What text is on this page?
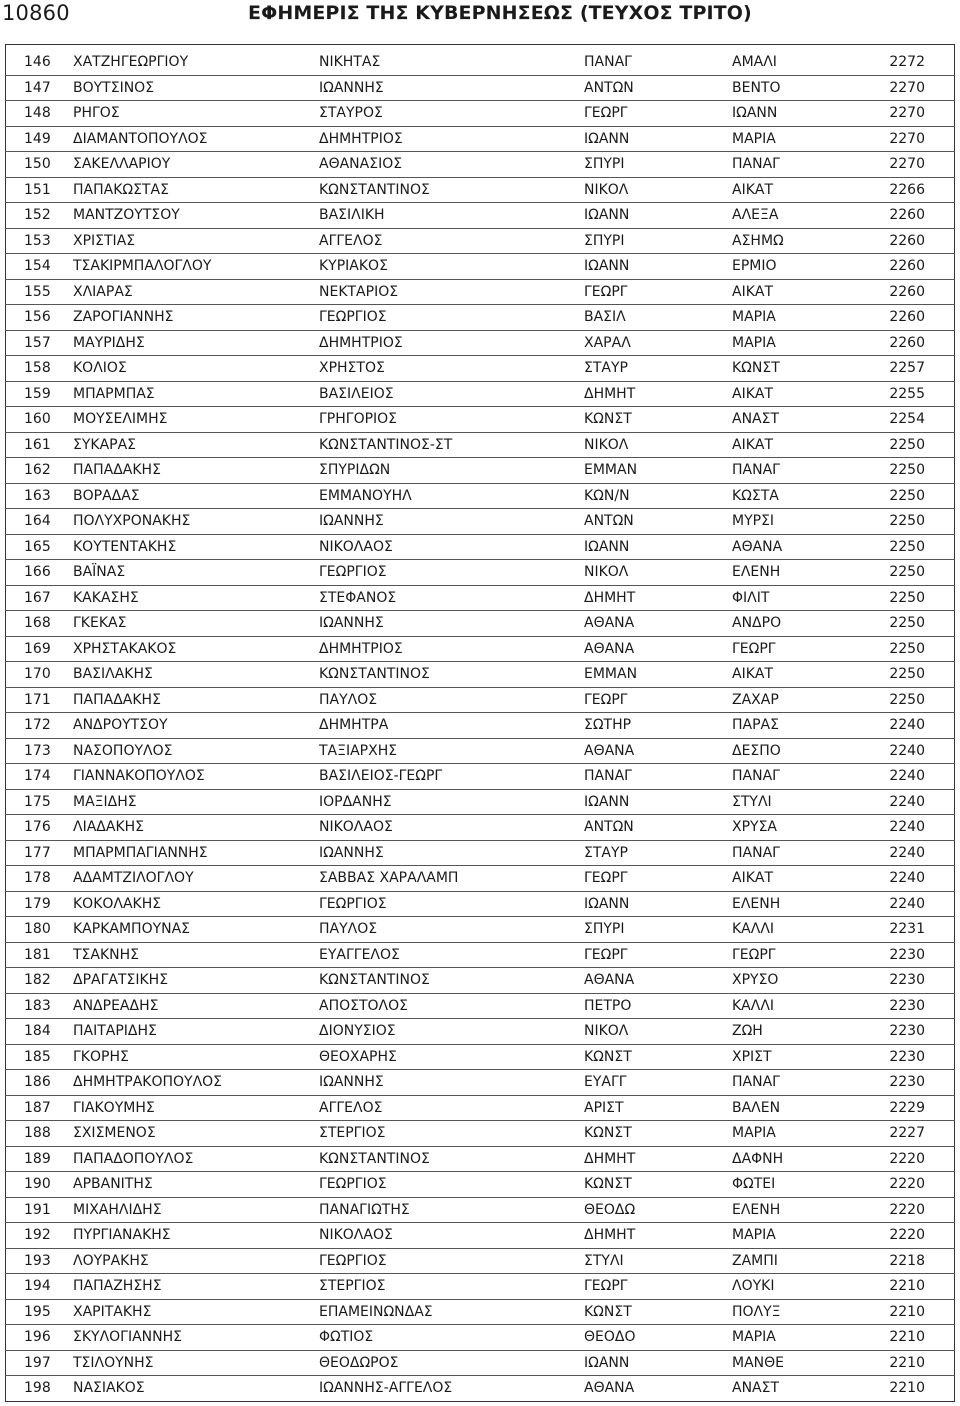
10860	ΕΦΗΜΕΡΙΣ ΤΗΣ ΚΥΒΕΡΝΗΣΕΩΣ (ΤΕΥΧΟΣ ΤΡΙΤΟ)
146 ΧΑΤΖΗΓΕΩΡΓΙΟΥ	ΝΙΚΗΤΑΣ	ΠΑΝΑΓ	ΑΜΑΛΙ	2272
147 ΒΟΥΤΣΙΝΟΣ	ΙΩΑΝΝΗΣ	ΑΝΤΩΝ	ΒΕΝΤΟ	2270
148 ΡΗΓΟΣ	ΣΤΑΥΡΟΣ	ΓΕΩΡΓ	ΙΩΑΝΝ	2270
149 ΔΙΑΜΑΝΤΟΠΟΥΛΟΣ	ΔΗΜΗΤΡΙΟΣ	ΙΩΑΝΝ	ΜΑΡΙΑ	2270
150 ΣΑΚΕΛΛΑΡΙΟΥ	ΑΘΑΝΑΣΙΟΣ	ΣΠΥΡΙ	ΠΑΝΑΓ	2270
151 ΠΑΠΑΚΩΣΤΑΣ	ΚΩΝΣΤΑΝΤΙΝΟΣ	ΝΙΚΟΛ	ΑΙΚΑΤ	2266
152 ΜΑΝΤΖΟΥΤΣΟΥ	ΒΑΣΙΛΙΚΗ	ΙΩΑΝΝ	ΑΛΕΞΑ	2260
153 ΧΡΙΣΤΙΑΣ	ΑΓΓΕΛΟΣ	ΣΠΥΡΙ	ΑΣΗΜΩ	2260
154 ΤΣΑΚΙΡΜΠΑΛΟΓΛΟΥ	ΚΥΡΙΑΚΟΣ	ΙΩΑΝΝ	ΕΡΜΙΟ	2260
155 ΧΛΙΑΡΑΣ	ΝΕΚΤΑΡΙΟΣ	ΓΕΩΡΓ	ΑΙΚΑΤ	2260
156 ΖΑΡΟΓΙΑΝΝΗΣ	ΓΕΩΡΓΙΟΣ	ΒΑΣΙΛ	ΜΑΡΙΑ	2260
157 ΜΑΥΡΙΔΗΣ	ΔΗΜΗΤΡΙΟΣ	ΧΑΡΑΛ	ΜΑΡΙΑ	2260
158 ΚΟΛΙΟΣ	ΧΡΗΣΤΟΣ	ΣΤΑΥΡ	ΚΩΝΣΤ	2257
159 ΜΠΑΡΜΠΑΣ	ΒΑΣΙΛΕΙΟΣ	ΔΗΜΗΤ	ΑΙΚΑΤ	2255
160 ΜΟΥΣΕΛΙΜΗΣ	ΓΡΗΓΟΡΙΟΣ	ΚΩΝΣΤ	ΑΝΑΣΤ	2254
161 ΣΥΚΑΡΑΣ	ΚΩΝΣΤΑΝΤΙΝΟΣ-ΣΤ	ΝΙΚΟΛ	ΑΙΚΑΤ	2250
162 ΠΑΠΑΔΑΚΗΣ	ΣΠΥΡΙΔΩΝ	ΕΜΜΑΝ	ΠΑΝΑΓ	2250
163 ΒΟΡΑΔΑΣ	ΕΜΜΑΝΟΥΗΛ	ΚΩΝ/Ν	ΚΩΣΤΑ	2250
164 ΠΟΛΥΧΡΟΝΑΚΗΣ	ΙΩΑΝΝΗΣ	ΑΝΤΩΝ	ΜΥΡΣΙ	2250
165 ΚΟΥΤΕΝΤΑΚΗΣ	ΝΙΚΟΛΑΟΣ	ΙΩΑΝΝ	ΑΘΑΝΑ	2250
166 ΒΑΪΝΑΣ	ΓΕΩΡΓΙΟΣ	ΝΙΚΟΛ	ΕΛΕΝΗ	2250
167 ΚΑΚΑΣΗΣ	ΣΤΕΦΑΝΟΣ	ΔΗΜΗΤ	ΦΙΛΙΤ	2250
168 ΓΚΕΚΑΣ	ΙΩΑΝΝΗΣ	ΑΘΑΝΑ	ΑΝΔΡΟ	2250
169 ΧΡΗΣΤΑΚΑΚΟΣ	ΔΗΜΗΤΡΙΟΣ	ΑΘΑΝΑ	ΓΕΩΡΓ	2250
170 ΒΑΣΙΛΑΚΗΣ	ΚΩΝΣΤΑΝΤΙΝΟΣ	ΕΜΜΑΝ	ΑΙΚΑΤ	2250
171 ΠΑΠΑΔΑΚΗΣ	ΠΑΥΛΟΣ	ΓΕΩΡΓ	ΖΑΧΑΡ	2250
172 ΑΝΔΡΟΥΤΣΟΥ	ΔΗΜΗΤΡΑ	ΣΩΤΗΡ	ΠΑΡΑΣ	2240
173 ΝΑΣΟΠΟΥΛΟΣ	ΤΑΞΙΑΡΧΗΣ	ΑΘΑΝΑ	ΔΕΣΠΟ	2240
174 ΓΙΑΝΝΑΚΟΠΟΥΛΟΣ	ΒΑΣΙΛΕΙΟΣ-ΓΕΩΡΓ	ΠΑΝΑΓ	ΠΑΝΑΓ	2240
175 ΜΑΞΙΔΗΣ	ΙΟΡΔΑΝΗΣ	ΙΩΑΝΝ	ΣΤΥΛΙ	2240
176 ΛΙΑΔΑΚΗΣ	ΝΙΚΟΛΑΟΣ	ΑΝΤΩΝ	ΧΡΥΣΑ	2240
177 ΜΠΑΡΜΠΑΓΙΑΝΝΗΣ	ΙΩΑΝΝΗΣ	ΣΤΑΥΡ	ΠΑΝΑΓ	2240
178 ΑΔΑΜΤΖΙΛΟΓΛΟΥ	ΣΑΒΒΑΣ ΧΑΡΑΛΑΜΠ	ΓΕΩΡΓ	ΑΙΚΑΤ	2240
179 ΚΟΚΟΛΑΚΗΣ	ΓΕΩΡΓΙΟΣ	ΙΩΑΝΝ	ΕΛΕΝΗ	2240
180 ΚΑΡΚΑΜΠΟΥΝΑΣ	ΠΑΥΛΟΣ	ΣΠΥΡΙ	ΚΑΛΛΙ	2231
181 ΤΣΑΚΝΗΣ	ΕΥΑΓΓΕΛΟΣ	ΓΕΩΡΓ	ΓΕΩΡΓ	2230
182 ΔΡΑΓΑΤΣΙΚΗΣ	ΚΩΝΣΤΑΝΤΙΝΟΣ	ΑΘΑΝΑ	ΧΡΥΣΟ	2230
183 ΑΝΔΡΕΑΔΗΣ	ΑΠΟΣΤΟΛΟΣ	ΠΕΤΡΟ	ΚΑΛΛΙ	2230
184 ΠΑΙΤΑΡΙΔΗΣ	ΔΙΟΝΥΣΙΟΣ	ΝΙΚΟΛ	ΖΩΗ	2230
185 ΓΚΟΡΗΣ	ΘΕΟΧΑΡΗΣ	ΚΩΝΣΤ	ΧΡΙΣΤ	2230
186 ΔΗΜΗΤΡΑΚΟΠΟΥΛΟΣ	ΙΩΑΝΝΗΣ	ΕΥΑΓΓ	ΠΑΝΑΓ	2230
187 ΓΙΑΚΟΥΜΗΣ	ΑΓΓΕΛΟΣ	ΑΡΙΣΤ	ΒΑΛΕΝ	2229
188 ΣΧΙΣΜΕΝΟΣ	ΣΤΕΡΓΙΟΣ	ΚΩΝΣΤ	ΜΑΡΙΑ	2227
189 ΠΑΠΑΔΟΠΟΥΛΟΣ	ΚΩΝΣΤΑΝΤΙΝΟΣ	ΔΗΜΗΤ	ΔΑΦΝΗ	2220
190 ΑΡΒΑΝΙΤΗΣ	ΓΕΩΡΓΙΟΣ	ΚΩΝΣΤ	ΦΩΤΕΙ	2220
191 ΜΙΧΑΗΛΙΔΗΣ	ΠΑΝΑΓΙΩΤΗΣ	ΘΕΟΔΩ	ΕΛΕΝΗ	2220
192 ΠΥΡΓΙΑΝΑΚΗΣ	ΝΙΚΟΛΑΟΣ	ΔΗΜΗΤ	ΜΑΡΙΑ	2220
193 ΛΟΥΡΑΚΗΣ	ΓΕΩΡΓΙΟΣ	ΣΤΥΛΙ	ΖΑΜΠΙ	2218
194 ΠΑΠΑΖΗΣΗΣ	ΣΤΕΡΓΙΟΣ	ΓΕΩΡΓ	ΛΟΥΚΙ	2210
195 ΧΑΡΙΤΑΚΗΣ	ΕΠΑΜΕΙΝΩΝΔΑΣ	ΚΩΝΣΤ	ΠΟΛΥΞ	2210
196 ΣΚΥΛΟΓΙΑΝΝΗΣ	ΦΩΤΙΟΣ	ΘΕΟΔΟ	ΜΑΡΙΑ	2210
197 ΤΣΙΛΟΥΝΗΣ	ΘΕΟΔΩΡΟΣ	ΙΩΑΝΝ	ΜΑΝΘΕ	2210
198 ΝΑΣΙΑΚΟΣ	ΙΩΑΝΝΗΣ-ΑΓΓΕΛΟΣ	ΑΘΑΝΑ	ΑΝΑΣΤ	2210
